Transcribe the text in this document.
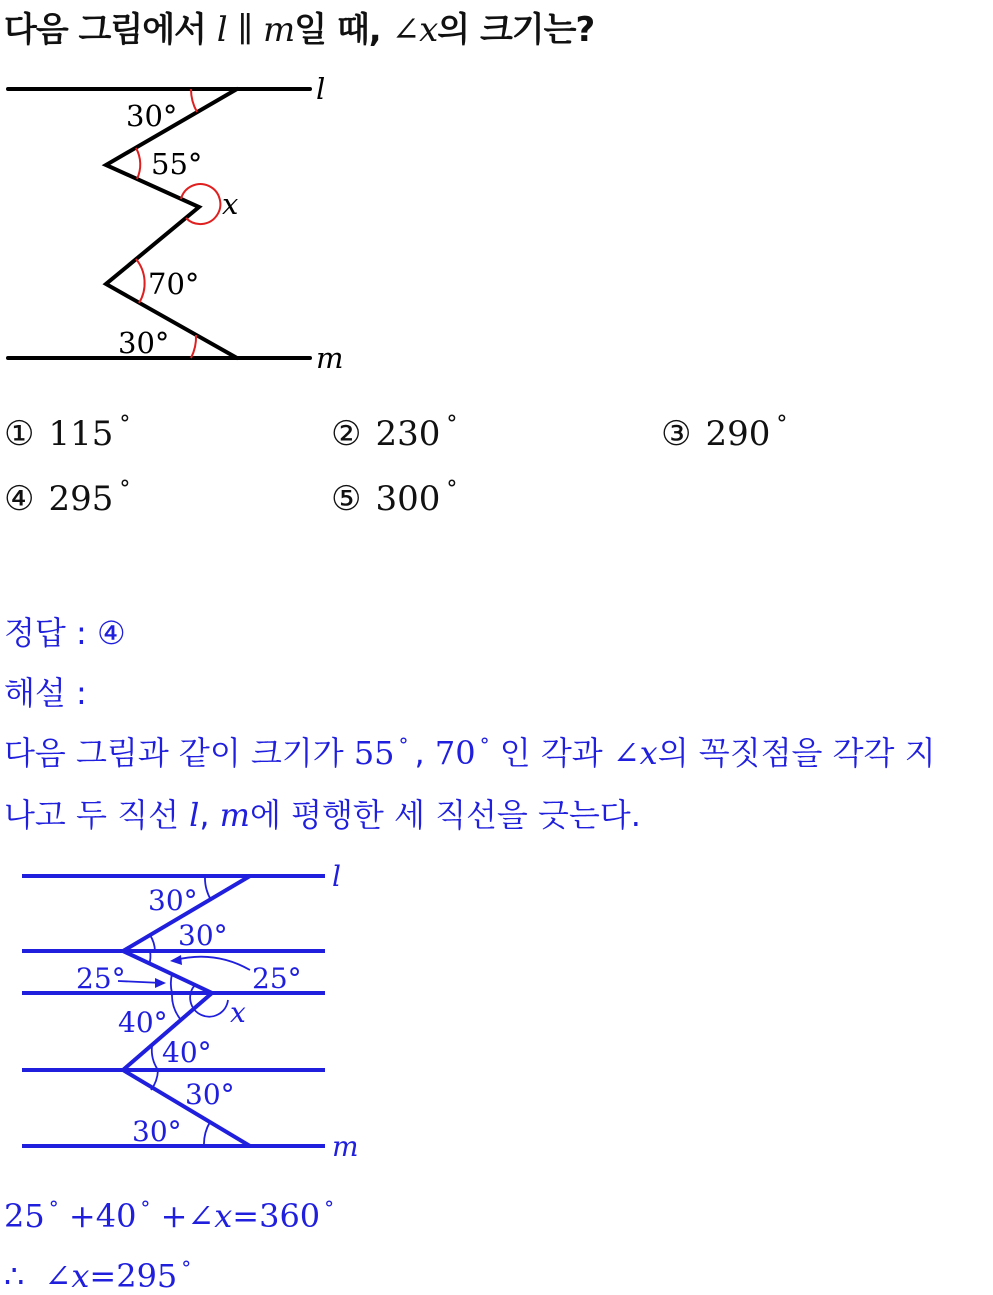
다음 그림에서 l ∥ m일 때, ∠x의 크기는?
l
m
30°
55°
x
70°
30°
① 115 °	② 230 °	③ 290 °
④ 295 °	⑤ 300 °
정답 : ④
해설 :
다음 그림과 같이 크기가 55 ° , 70 ° 인 각과 ∠x의 꼭짓점을 각각 지
나고 두 직선 l, m에 평행한 세 직선을 긋는다.
l
m
30°
30°
25°	25°
40°
40°
30°
30°
x
25 ° +40 ° +∠x=360 °
∴ ∠x=295 °
